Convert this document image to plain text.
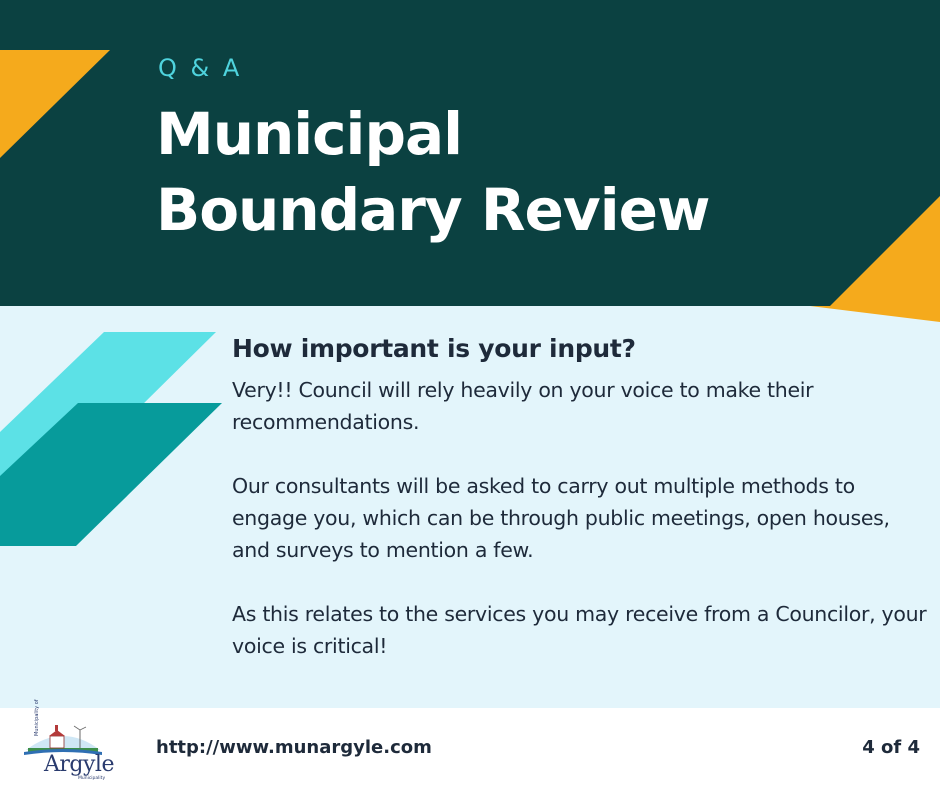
Q & A
Municipal
Boundary Review
How important is your input?

Very!! Council will rely heavily on your voice to make their recommendations.

Our consultants will be asked to carry out multiple methods to engage you, which can be through public meetings, open houses, and surveys to mention a few.

As this relates to the services you may receive from a Councilor, your voice is critical!

Municipality of
Argyle
Municipality
http://www.munargyle.com	4 of 4
